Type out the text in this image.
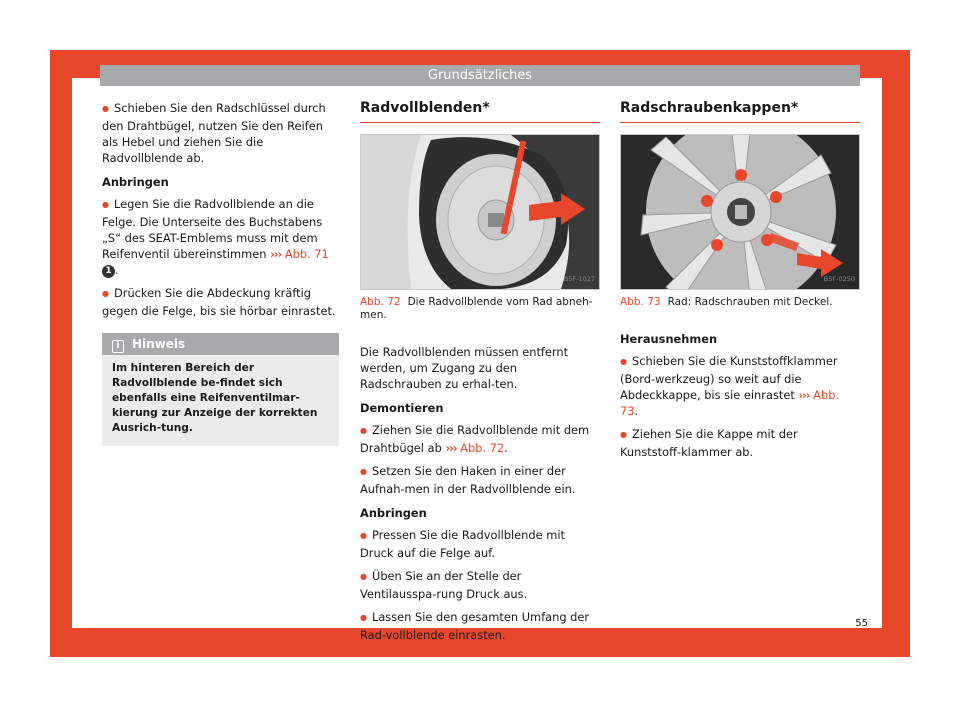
Grundsätzliches

● Schieben Sie den Radschlüssel durch den Drahtbügel, nutzen Sie den Reifen als Hebel und ziehen Sie die Radvollblende ab.

Anbringen

● Legen Sie die Radvollblende an die Felge. Die Unterseite des Buchstabens „S“ des SEAT-Emblems muss mit dem Reifenventil übereinstimmen ››› Abb. 71 1 .

● Drücken Sie die Abdeckung kräftig gegen die Felge, bis sie hörbar einrastet.

i Hinweis
Im hinteren Bereich der Radvollblende be-findet sich ebenfalls eine Reifenventilmar-kierung zur Anzeige der korrekten Ausrich-tung.
Radvollblenden*
B5F-1027
Abb. 72 Die Radvollblende vom Rad abneh-men.

Die Radvollblenden müssen entfernt werden, um Zugang zu den Radschrauben zu erhal-ten.

Demontieren

● Ziehen Sie die Radvollblende mit dem Drahtbügel ab ››› Abb. 72.

● Setzen Sie den Haken in einer der Aufnah-men in der Radvollblende ein.

Anbringen

● Pressen Sie die Radvollblende mit Druck auf die Felge auf.

● Üben Sie an der Stelle der Ventilausspa-rung Druck aus.

● Lassen Sie den gesamten Umfang der Rad-vollblende einrasten.

Radschraubenkappen*
B5F-0250
Abb. 73 Rad: Radschrauben mit Deckel.

Herausnehmen

● Schieben Sie die Kunststoffklammer (Bord-werkzeug) so weit auf die Abdeckkappe, bis sie einrastet ››› Abb. 73.

● Ziehen Sie die Kappe mit der Kunststoff-klammer ab.

55
